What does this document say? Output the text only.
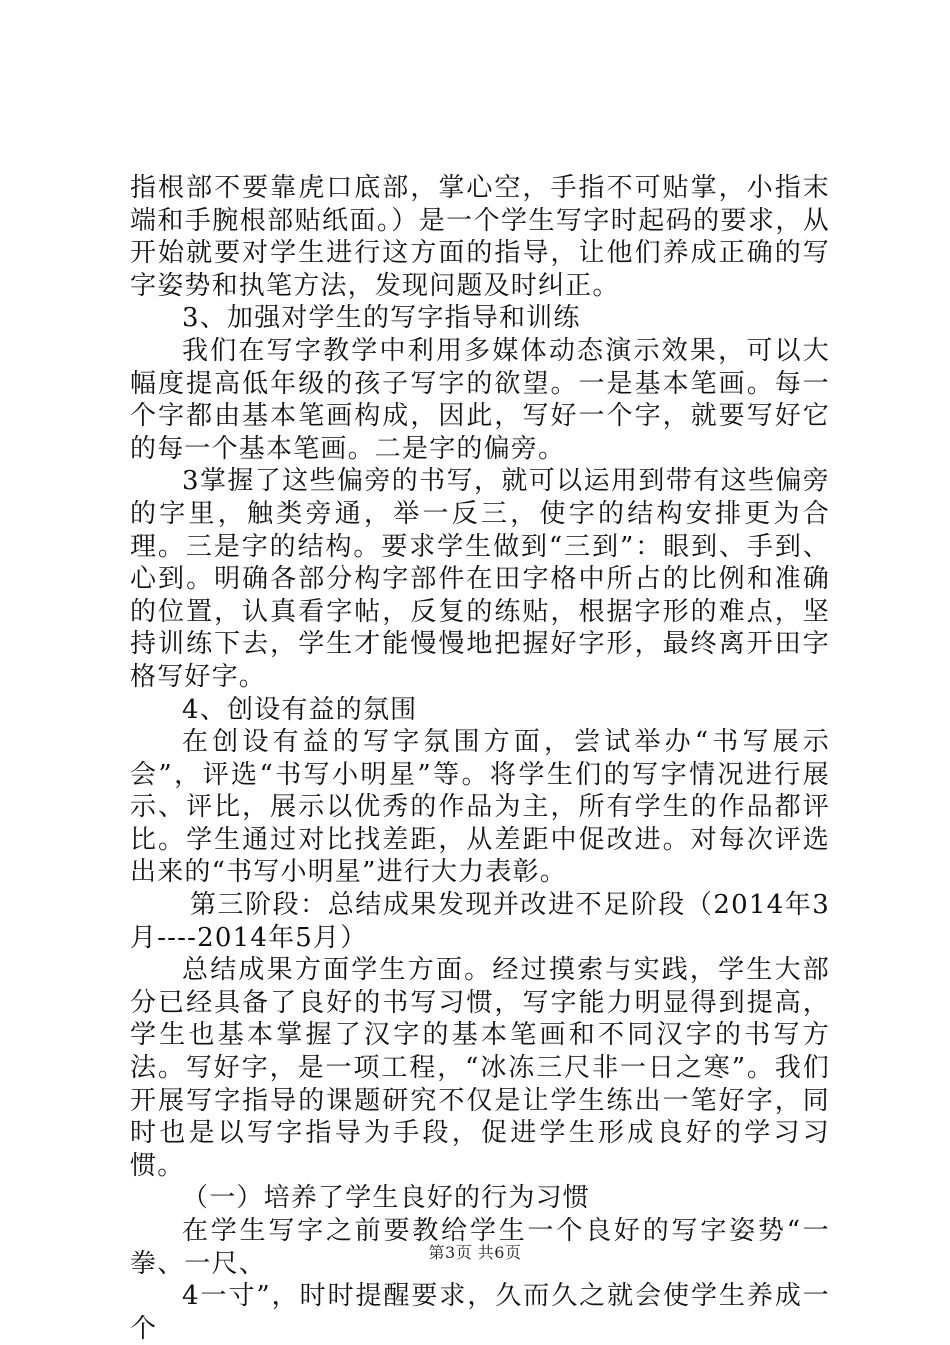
指根部不要靠虎口底部，掌心空，手指不可贴掌，小指末端和手腕根部贴纸面。）是一个学生写字时起码的要求，从开始就要对学生进行这方面的指导，让他们养成正确的写字姿势和执笔方法，发现问题及时纠正。

3、加强对学生的写字指导和训练

我们在写字教学中利用多媒体动态演示效果，可以大幅度提高低年级的孩子写字的欲望。一是基本笔画。每一个字都由基本笔画构成，因此，写好一个字，就要写好它的每一个基本笔画。二是字的偏旁。

3掌握了这些偏旁的书写，就可以运用到带有这些偏旁的字里，触类旁通，举一反三，使字的结构安排更为合理。三是字的结构。要求学生做到“三到”：眼到、手到、心到。明确各部分构字部件在田字格中所占的比例和准确的位置，认真看字帖，反复的练贴，根据字形的难点，坚持训练下去，学生才能慢慢地把握好字形，最终离开田字格写好字。

4、创设有益的氛围

在创设有益的写字氛围方面，尝试举办“书写展示会”，评选“书写小明星”等。将学生们的写字情况进行展示、评比，展示以优秀的作品为主，所有学生的作品都评比。学生通过对比找差距，从差距中促改进。对每次评选出来的“书写小明星”进行大力表彰。

第三阶段：总结成果发现并改进不足阶段（2014年3月----2014年5月）

总结成果方面学生方面。经过摸索与实践，学生大部分已经具备了良好的书写习惯，写字能力明显得到提高，学生也基本掌握了汉字的基本笔画和不同汉字的书写方法。写好字，是一项工程，“冰冻三尺非一日之寒”。我们开展写字指导的课题研究不仅是让学生练出一笔好字，同时也是以写字指导为手段，促进学生形成良好的学习习惯。

（一）培养了学生良好的行为习惯

在学生写字之前要教给学生一个良好的写字姿势“一拳、一尺、

4一寸”，时时提醒要求，久而久之就会使学生养成一个

第3页 共6页
